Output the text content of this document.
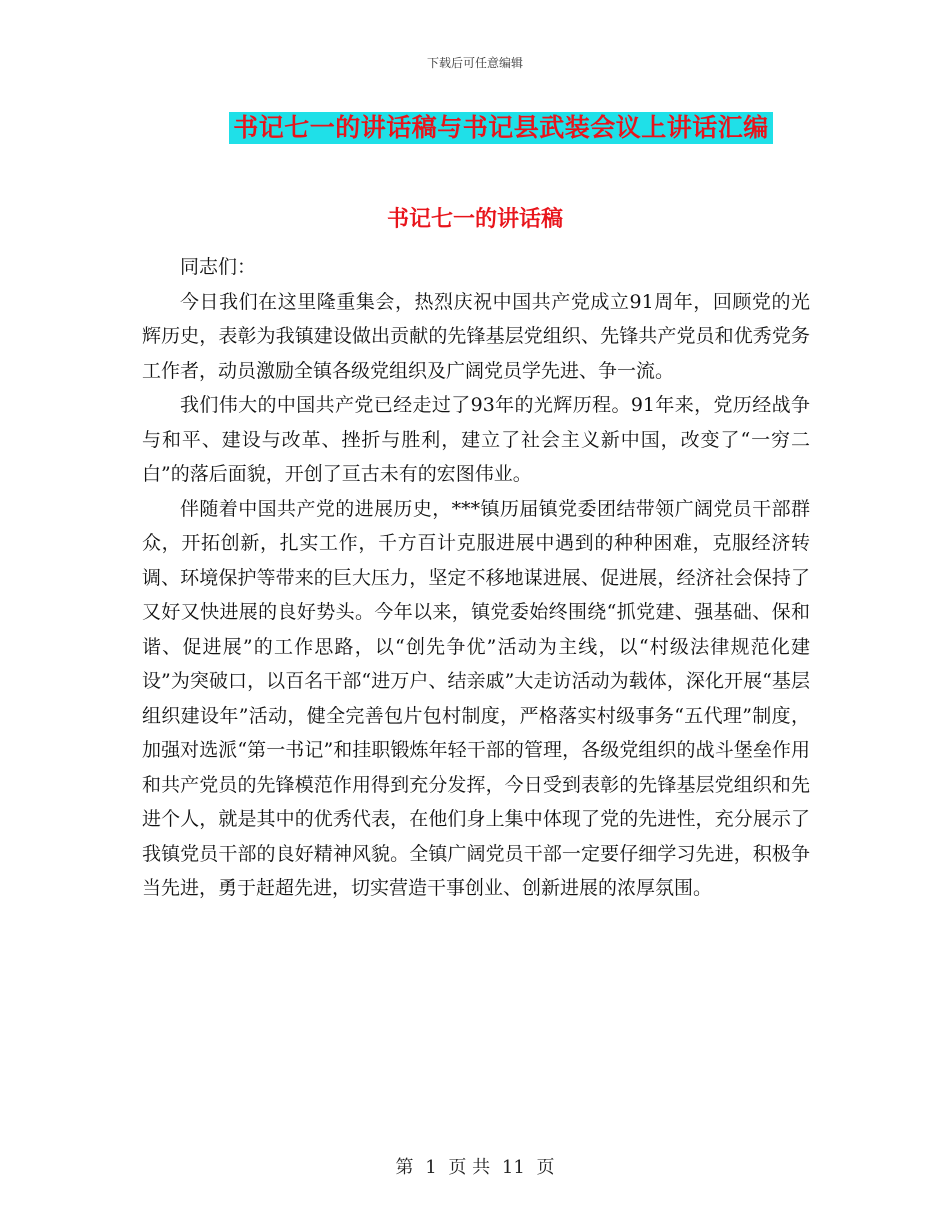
下载后可任意编辑
书记七一的讲话稿与书记县武装会议上讲话汇编
书记七一的讲话稿

同志们：

今日我们在这里隆重集会，热烈庆祝中国共产党成立91周年，回顾党的光辉历史，表彰为我镇建设做出贡献的先锋基层党组织、先锋共产党员和优秀党务工作者，动员激励全镇各级党组织及广阔党员学先进、争一流。

我们伟大的中国共产党已经走过了93年的光辉历程。91年来，党历经战争与和平、建设与改革、挫折与胜利，建立了社会主义新中国，改变了“一穷二白”的落后面貌，开创了亘古未有的宏图伟业。

伴随着中国共产党的进展历史，***镇历届镇党委团结带领广阔党员干部群众，开拓创新，扎实工作，千方百计克服进展中遇到的种种困难，克服经济转调、环境保护等带来的巨大压力，坚定不移地谋进展、促进展，经济社会保持了又好又快进展的良好势头。今年以来，镇党委始终围绕“抓党建、强基础、保和谐、促进展”的工作思路，以“创先争优”活动为主线，以“村级法律规范化建设”为突破口，以百名干部“进万户、结亲戚”大走访活动为载体，深化开展“基层组织建设年”活动，健全完善包片包村制度，严格落实村级事务“五代理”制度，加强对选派“第一书记”和挂职锻炼年轻干部的管理，各级党组织的战斗堡垒作用和共产党员的先锋模范作用得到充分发挥，今日受到表彰的先锋基层党组织和先进个人，就是其中的优秀代表，在他们身上集中体现了党的先进性，充分展示了我镇党员干部的良好精神风貌。全镇广阔党员干部一定要仔细学习先进，积极争当先进，勇于赶超先进，切实营造干事创业、创新进展的浓厚氛围。

第 1 页 共 11 页
